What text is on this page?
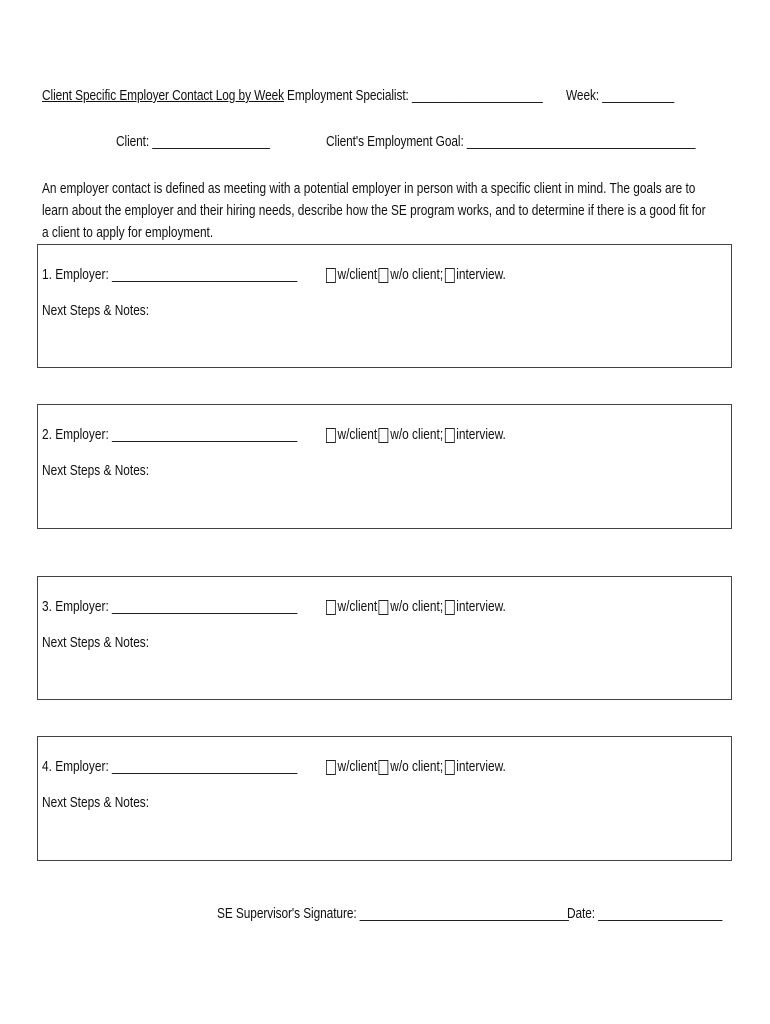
Client Specific Employer Contact Log by Week Employment Specialist: ____________________ Week: ___________
Client: __________________	Client's Employment Goal: ___________________________________
An employer contact is defined as meeting with a potential employer in person with a specific client in mind. The goals are to learn about the employer and their hiring needs, describe how the SE program works, and to determine if there is a good fit for a client to apply for employment.
1. Employer: ____________________________	w/client w/o client; interview.
Next Steps & Notes:
2. Employer: ____________________________	w/client w/o client; interview.
Next Steps & Notes:
3. Employer: ____________________________	w/client w/o client; interview.
Next Steps & Notes:
4. Employer: ____________________________	w/client w/o client; interview.
Next Steps & Notes:
SE Supervisor's Signature: ________________________________
Date: ___________________
